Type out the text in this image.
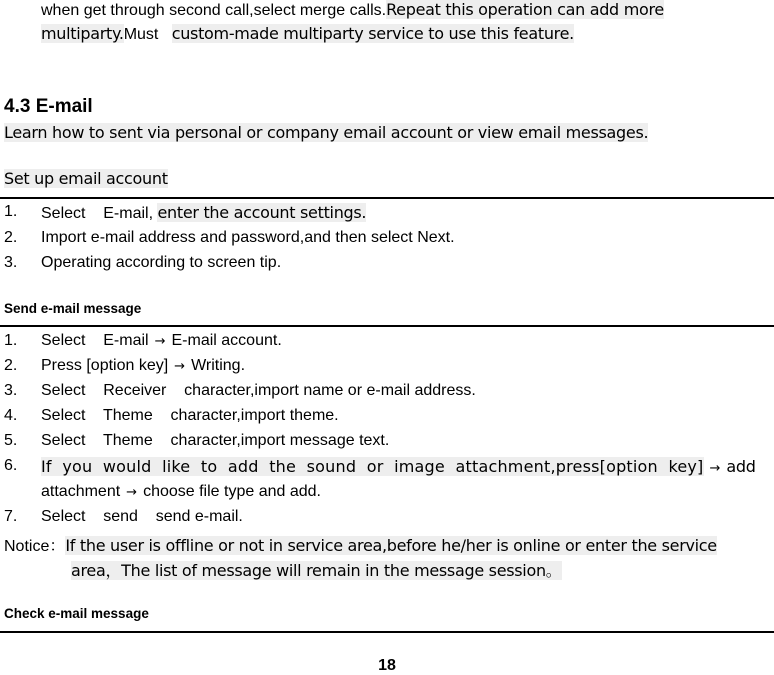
when get through second call,select merge calls.Repeat this operation can add more
multiparty.Must custom-made multiparty service to use this feature.
4.3 E-mail
Learn how to sent via personal or company email account or view email messages.
Set up email account
1.	Select    E-mail, enter the account settings.
2.	Import e-mail address and password,and then select Next.
3.	Operating according to screen tip.
Send e-mail message
1.	Select    E-mail → E-mail account.
2.	Press [option key] → Writing.
3.	Select    Receiver    character,import name or e-mail address.
4.	Select    Theme    character,import theme.
5.	Select    Theme    character,import message text.
6.	If  you  would  like  to  add  the  sound  or  image  attachment,press[option  key] → add
attachment → choose file type and add.
7.	Select    send    send e-mail.
Notice：If the user is offline or not in service area,before he/her is online or enter the service
area，The list of message will remain in the message session。
Check e-mail message
18
